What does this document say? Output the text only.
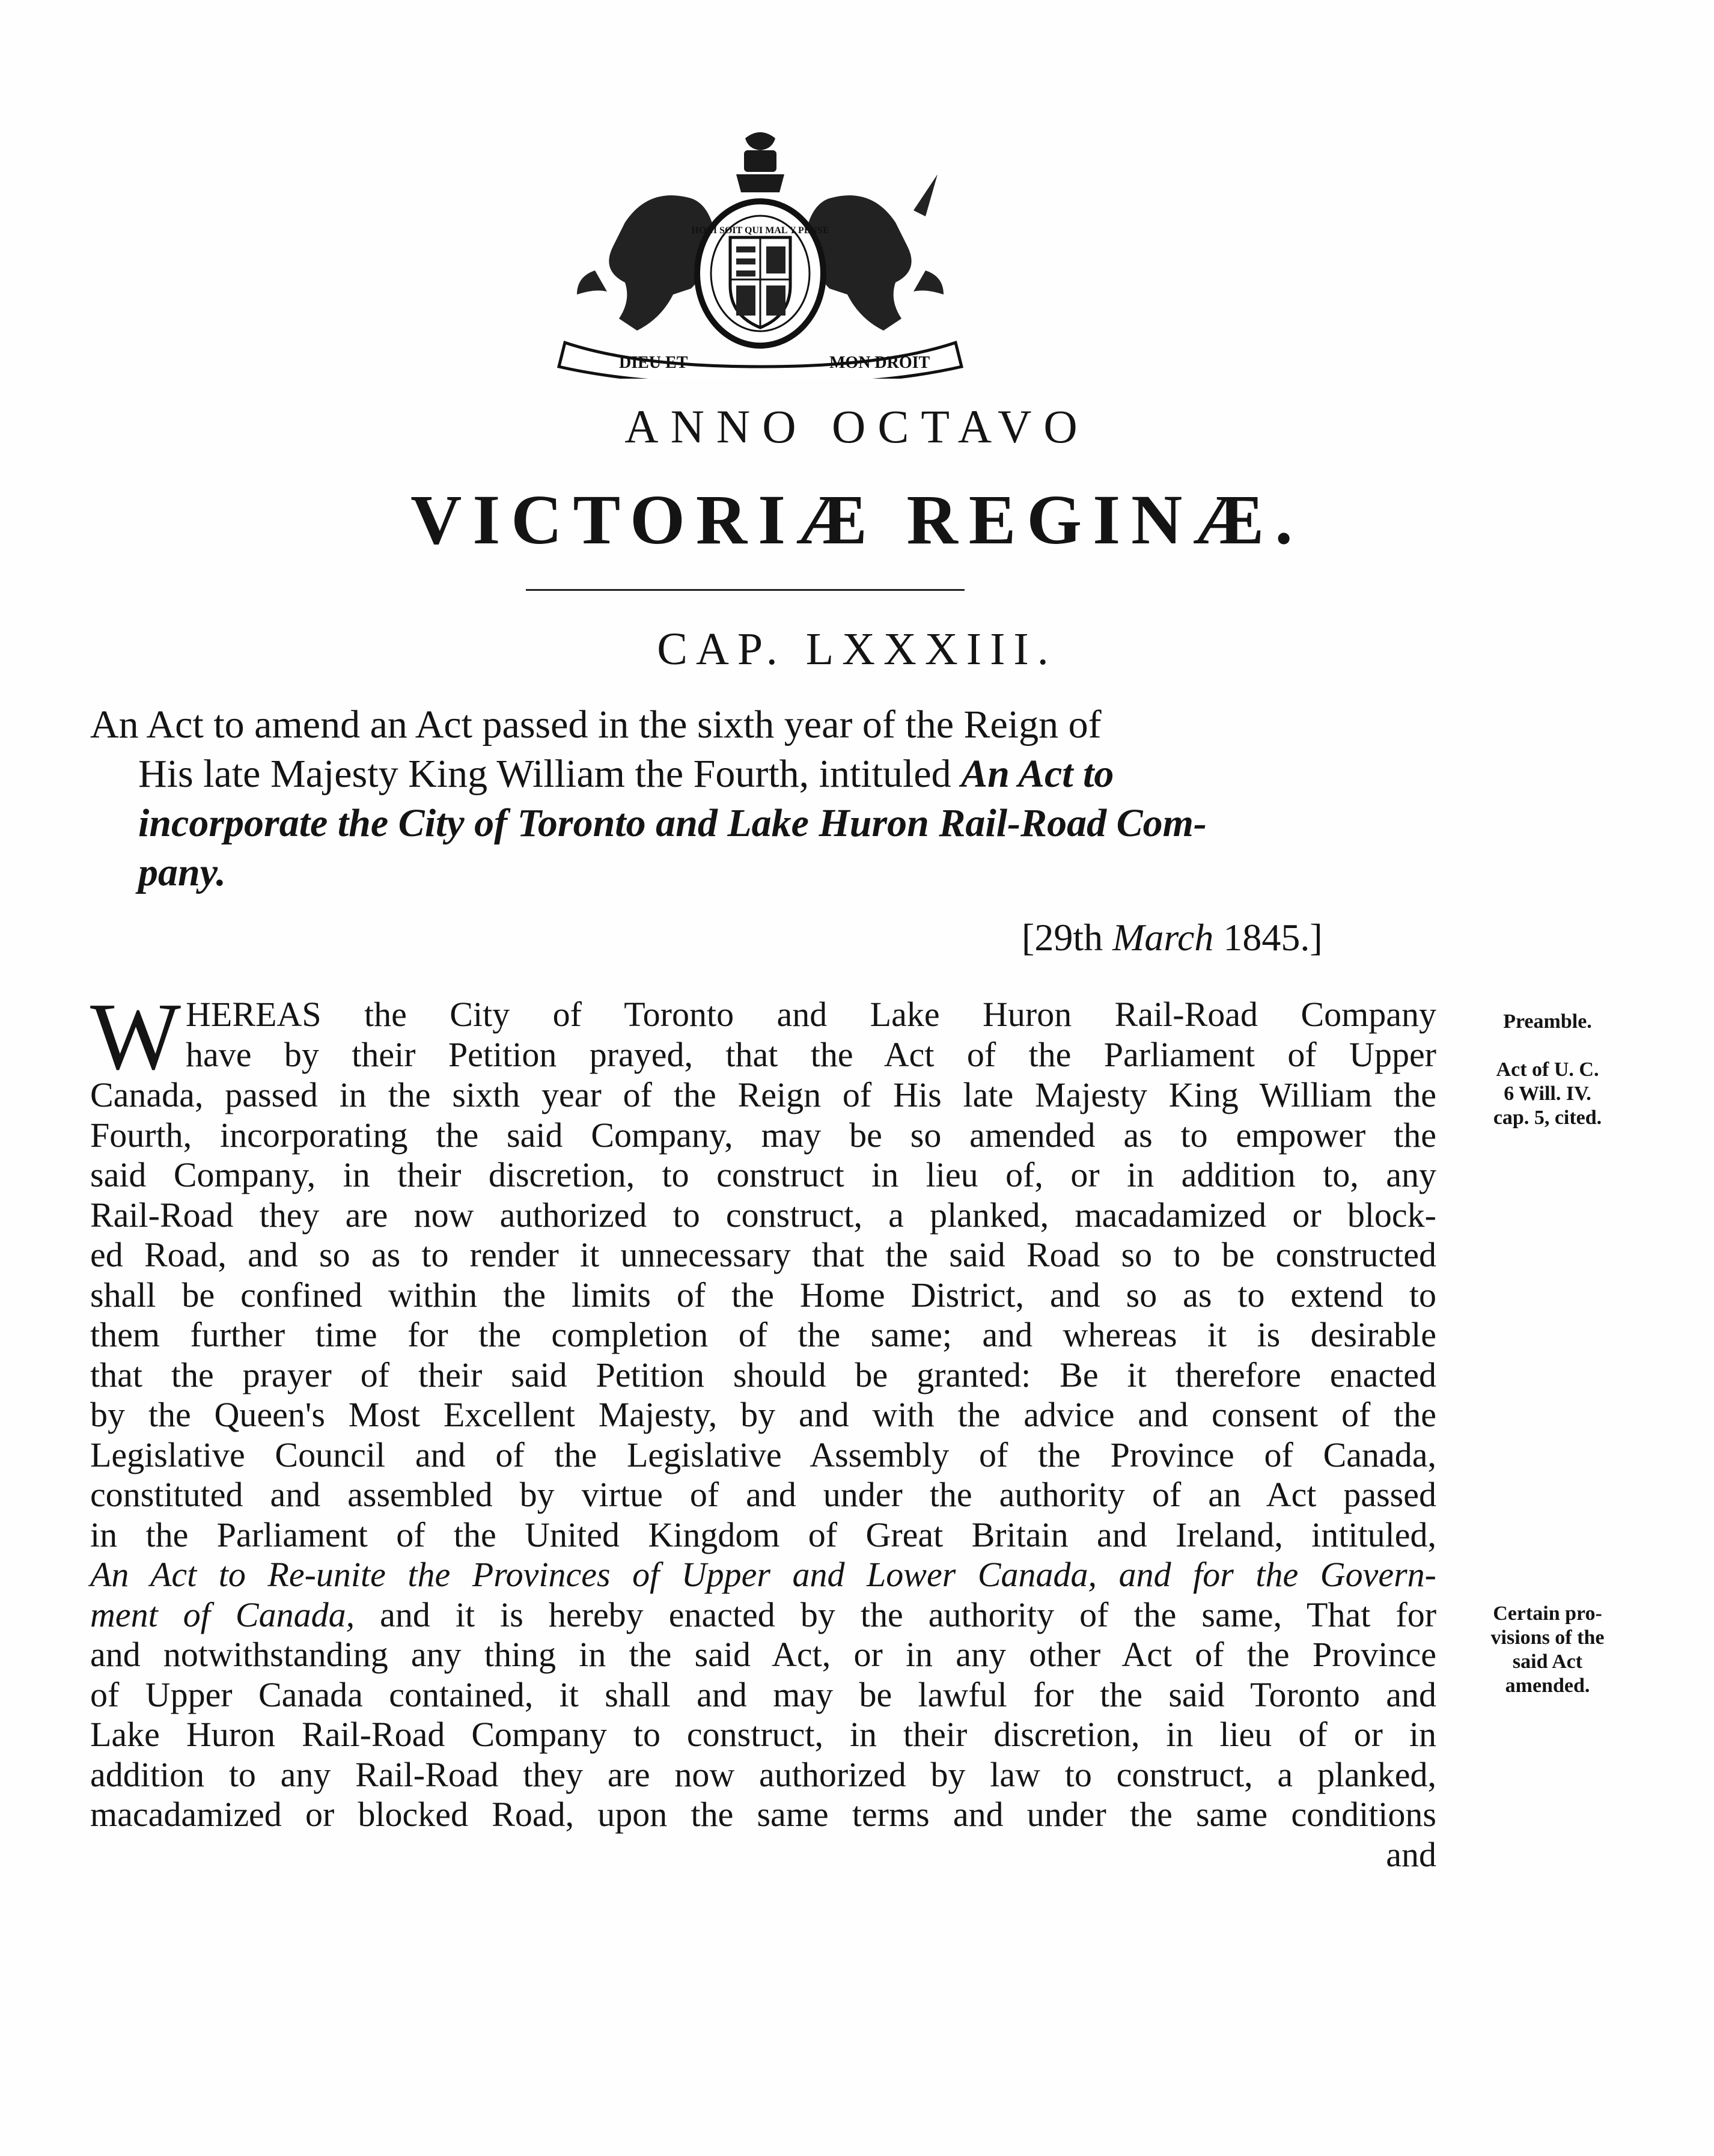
DIEU ET	MON DROIT
HONI SOIT QUI MAL Y PENSE
ANNO OCTAVO
VICTORIÆ REGINÆ.
CAP. LXXXIII.
An Act to amend an Act passed in the sixth year of the Reign of
His late Majesty King William the Fourth, intituled An Act to
incorporate the City of Toronto and Lake Huron Rail-Road Com-
pany.
[29th March 1845.]
W HEREAS the City of Toronto and Lake Huron Rail-Road Company
have by their Petition prayed, that the Act of the Parliament of Upper
Canada, passed in the sixth year of the Reign of His late Majesty King William the
Fourth, incorporating the said Company, may be so amended as to empower the
said Company, in their discretion, to construct in lieu of, or in addition to, any
Rail-Road they are now authorized to construct, a planked, macadamized or block-
ed Road, and so as to render it unnecessary that the said Road so to be constructed
shall be confined within the limits of the Home District, and so as to extend to
them further time for the completion of the same; and whereas it is desirable
that the prayer of their said Petition should be granted: Be it therefore enacted
by the Queen's Most Excellent Majesty, by and with the advice and consent of the
Legislative Council and of the Legislative Assembly of the Province of Canada,
constituted and assembled by virtue of and under the authority of an Act passed
in the Parliament of the United Kingdom of Great Britain and Ireland, intituled,
An Act to Re-unite the Provinces of Upper and Lower Canada, and for the Govern-
ment of Canada, and it is hereby enacted by the authority of the same, That for
and notwithstanding any thing in the said Act, or in any other Act of the Province
of Upper Canada contained, it shall and may be lawful for the said Toronto and
Lake Huron Rail-Road Company to construct, in their discretion, in lieu of or in
addition to any Rail-Road they are now authorized by law to construct, a planked,
macadamized or blocked Road, upon the same terms and under the same conditions
and
Preamble.
Act of U. C.
6 Will. IV.
cap. 5, cited.
Certain pro-
visions of the
said Act
amended.
